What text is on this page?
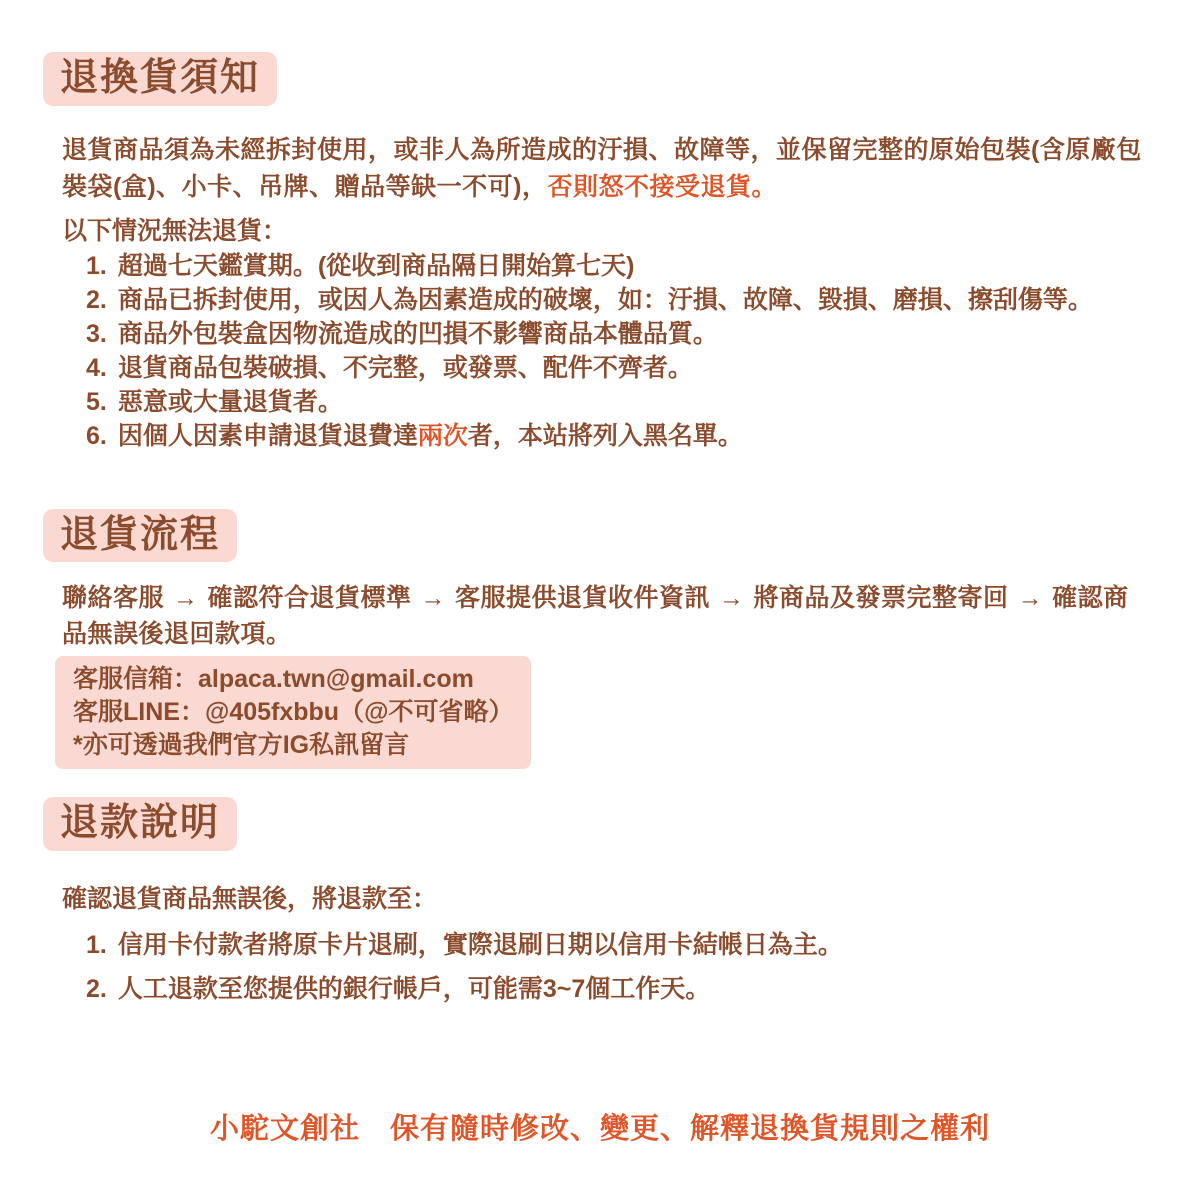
退換貨須知

退貨商品須為未經拆封使用，或非人為所造成的汙損、故障等，並保留完整的原始包裝(含原廠包裝袋(盒)、小卡、吊牌、贈品等缺一不可)，否則怒不接受退貨。

以下情況無法退貨：
超過七天鑑賞期。(從收到商品隔日開始算七天)
商品已拆封使用，或因人為因素造成的破壞，如：汙損、故障、毀損、磨損、擦刮傷等。
商品外包裝盒因物流造成的凹損不影響商品本體品質。
退貨商品包裝破損、不完整，或發票、配件不齊者。
惡意或大量退貨者。
因個人因素申請退貨退費達兩次者，本站將列入黑名單。
退貨流程

聯絡客服 → 確認符合退貨標準 → 客服提供退貨收件資訊 → 將商品及發票完整寄回 → 確認商品無誤後退回款項。

客服信箱：alpaca.twn@gmail.com
客服LINE：@405fxbbu（@不可省略）
*亦可透過我們官方IG私訊留言
退款說明
確認退貨商品無誤後，將退款至：
信用卡付款者將原卡片退刷，實際退刷日期以信用卡結帳日為主。
人工退款至您提供的銀行帳戶，可能需3~7個工作天。
小駝文創社　保有隨時修改、變更、解釋退換貨規則之權利
